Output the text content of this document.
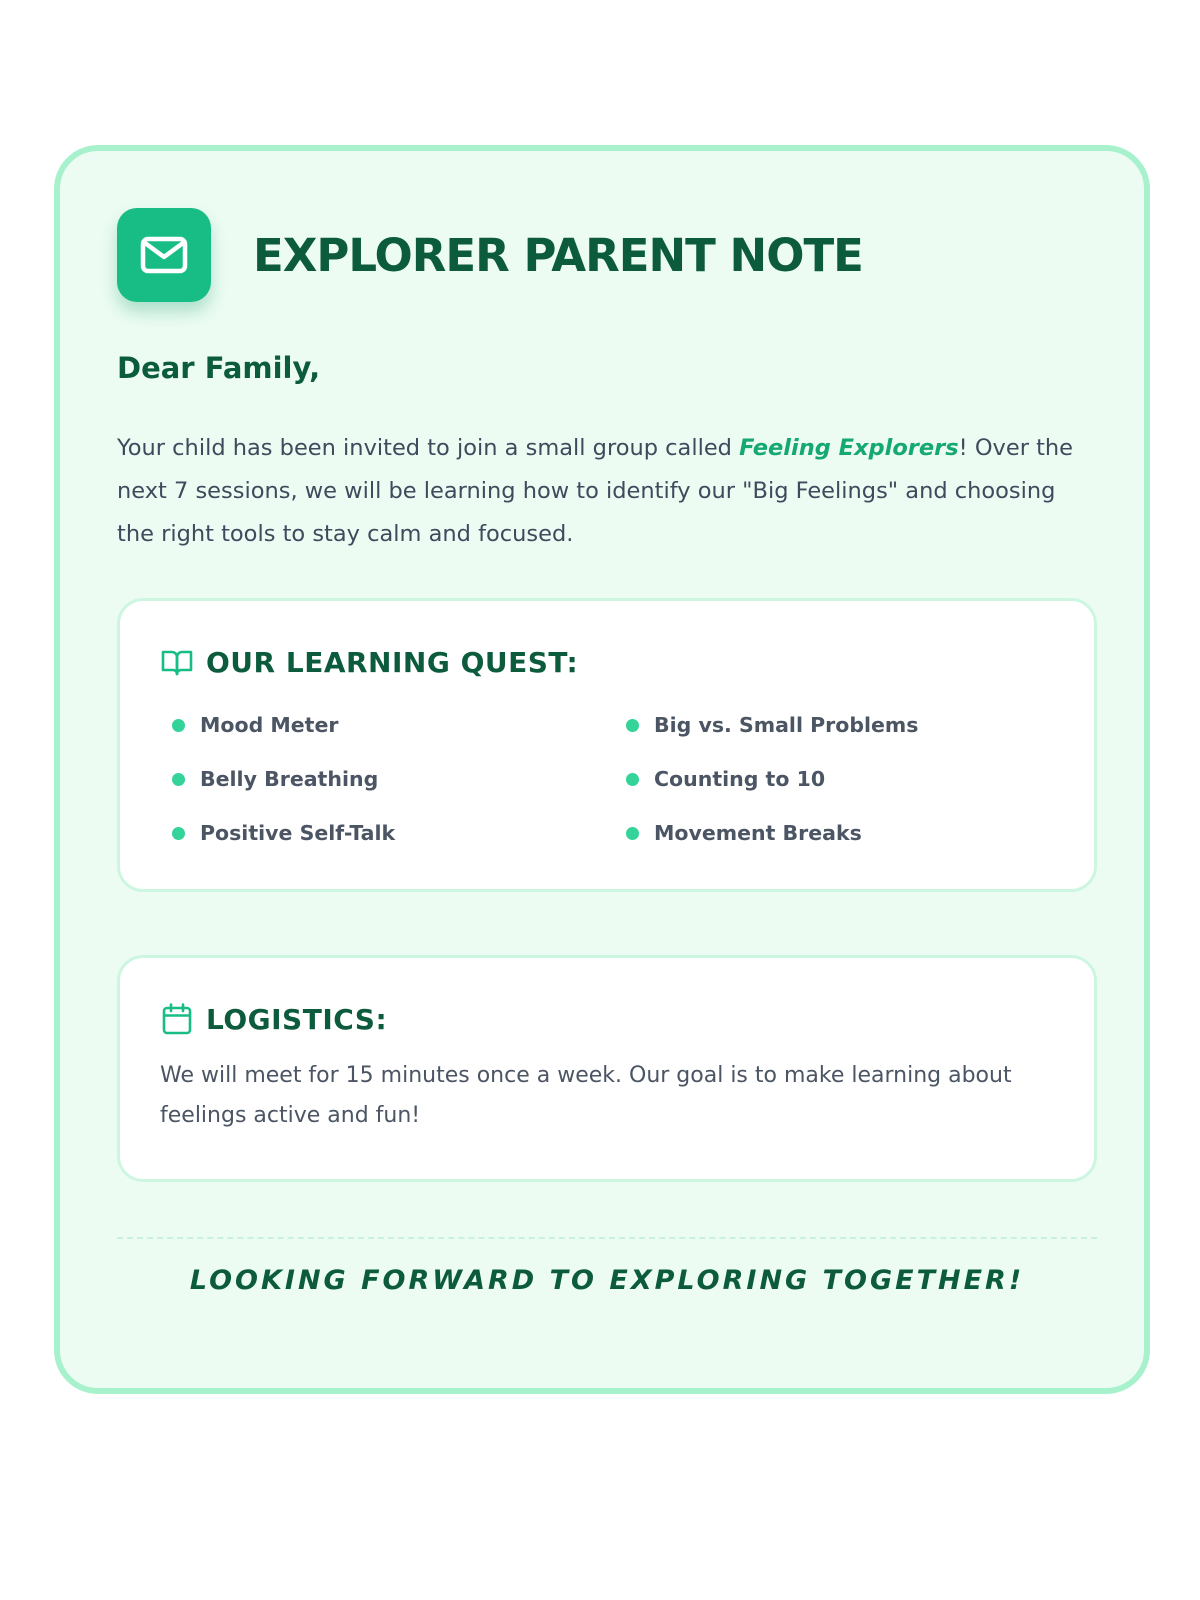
EXPLORER PARENT NOTE
Dear Family,

Your child has been invited to join a small group called Feeling Explorers! Over the next 7 sessions, we will be learning how to identify our "Big Feelings" and choosing the right tools to stay calm and focused.

OUR LEARNING QUEST:
Mood Meter	Big vs. Small Problems
Belly Breathing	Counting to 10
Positive Self-Talk	Movement Breaks
LOGISTICS:

We will meet for 15 minutes once a week. Our goal is to make learning about feelings active and fun!

LOOKING FORWARD TO EXPLORING TOGETHER!
